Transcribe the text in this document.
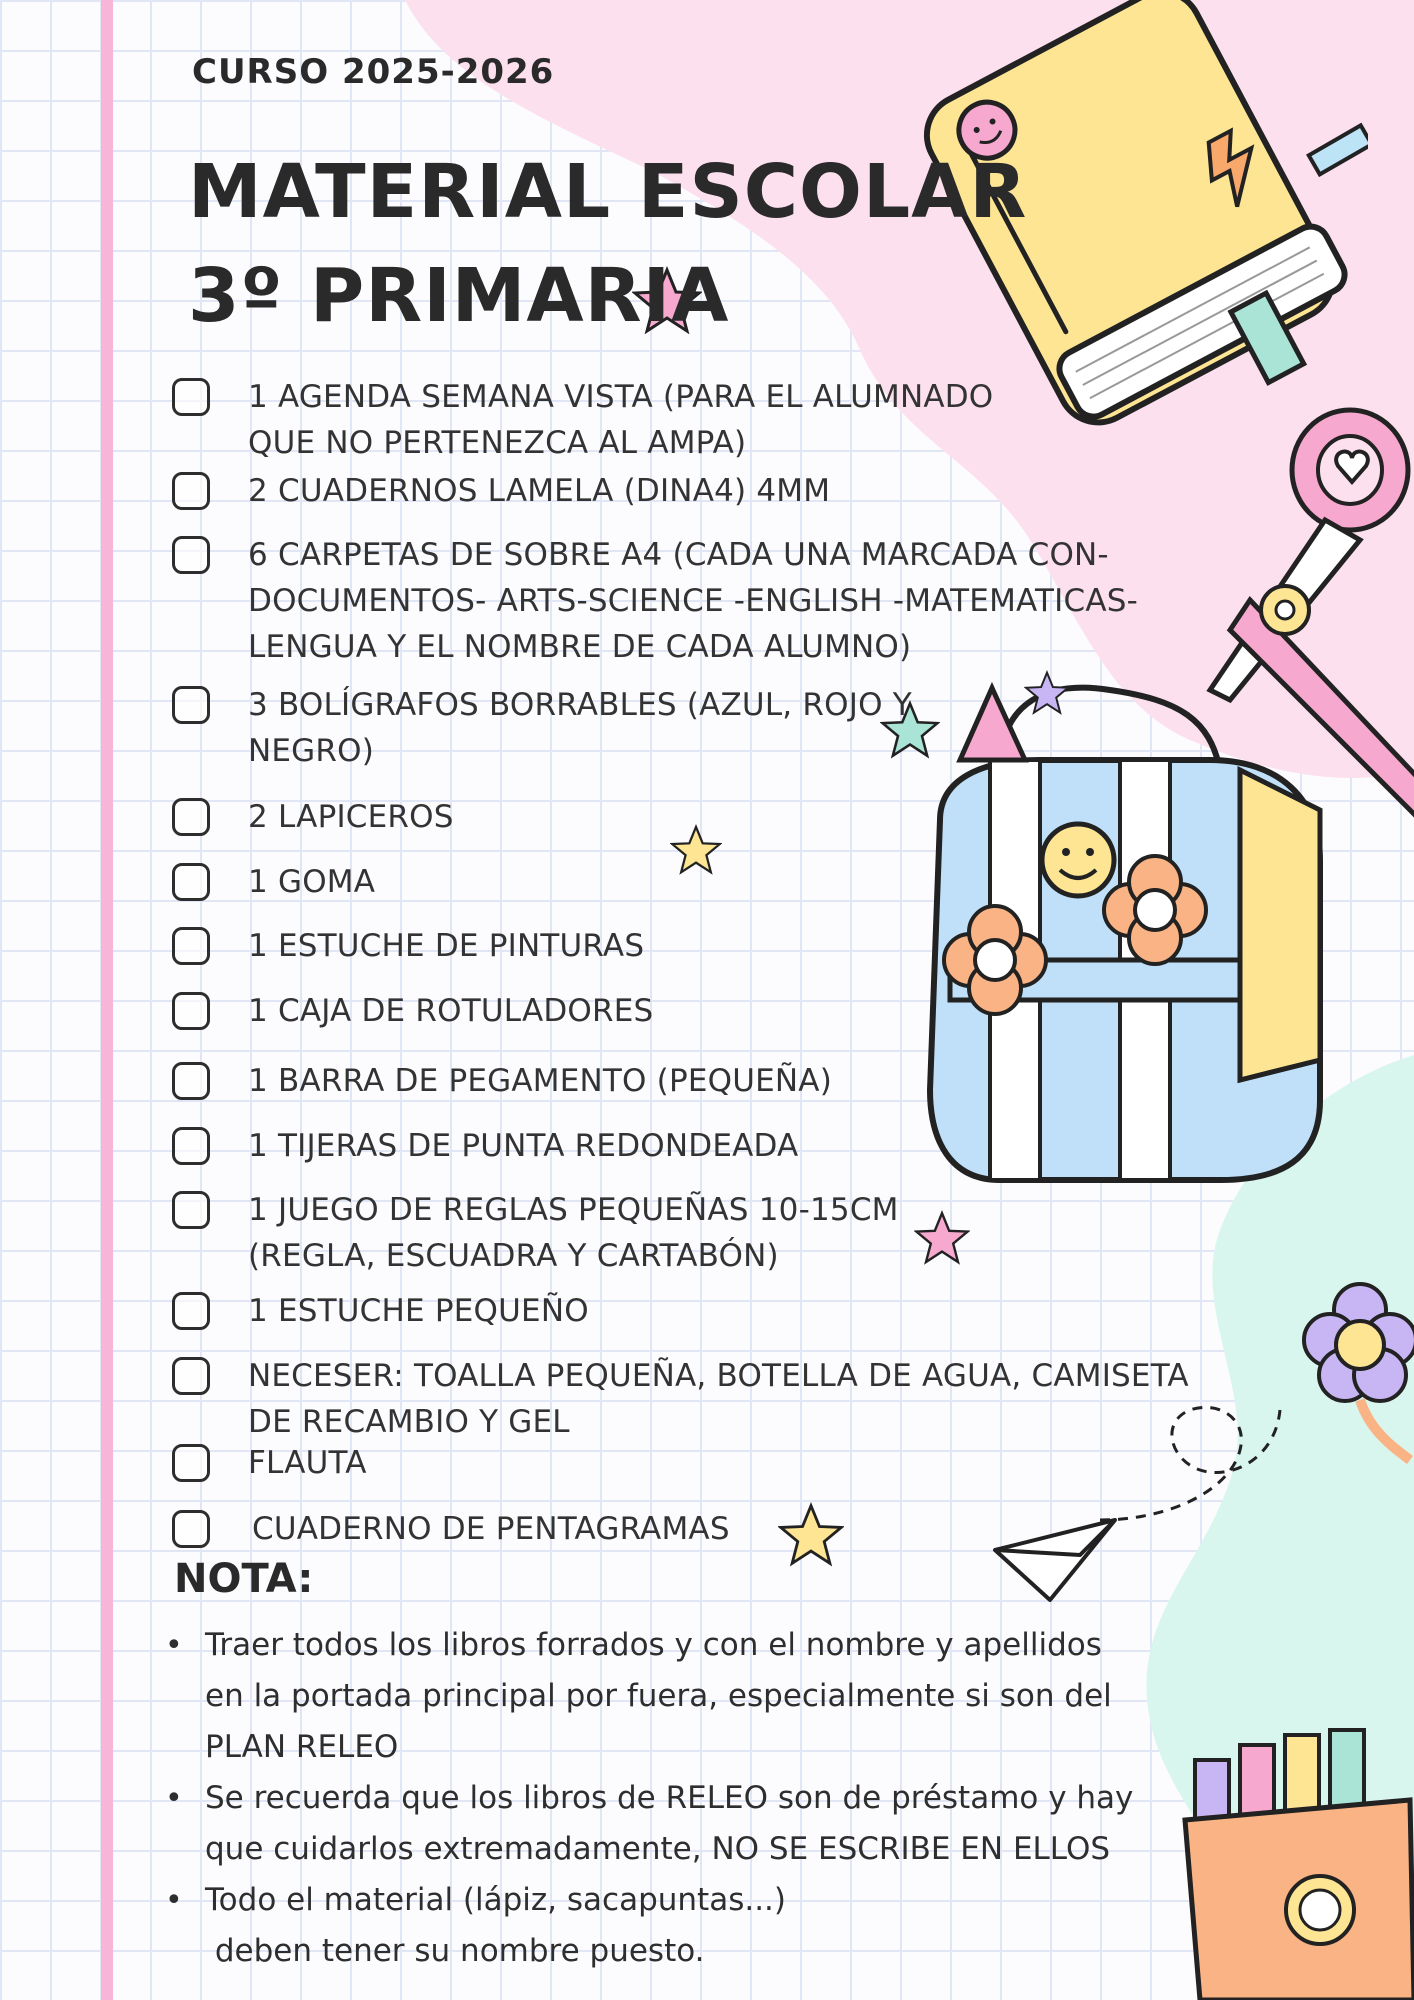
CURSO 2025-2026
MATERIAL ESCOLAR
3º PRIMARIA
1 AGENDA SEMANA VISTA (PARA EL ALUMNADO
QUE NO PERTENEZCA AL AMPA)
2 CUADERNOS LAMELA (DINA4) 4MM
6 CARPETAS DE SOBRE A4 (CADA UNA MARCADA CON-
DOCUMENTOS- ARTS-SCIENCE -ENGLISH -MATEMATICAS-
LENGUA Y EL NOMBRE DE CADA ALUMNO)
3 BOLÍGRAFOS BORRABLES (AZUL, ROJO Y
NEGRO)
2 LAPICEROS
1 GOMA
1 ESTUCHE DE PINTURAS
1 CAJA DE ROTULADORES
1 BARRA DE PEGAMENTO (PEQUEÑA)
1 TIJERAS DE PUNTA REDONDEADA
1 JUEGO DE REGLAS PEQUEÑAS 10-15CM
(REGLA, ESCUADRA Y CARTABÓN)
1 ESTUCHE PEQUEÑO
NECESER: TOALLA PEQUEÑA, BOTELLA DE AGUA, CAMISETA
DE RECAMBIO Y GEL
FLAUTA
CUADERNO DE PENTAGRAMAS
NOTA:
• Traer todos los libros forrados y con el nombre y apellidos
en la portada principal por fuera, especialmente si son del
PLAN RELEO
• Se recuerda que los libros de RELEO son de préstamo y hay
que cuidarlos extremadamente, NO SE ESCRIBE EN ELLOS
• Todo el material (lápiz, sacapuntas...)
deben tener su nombre puesto.
